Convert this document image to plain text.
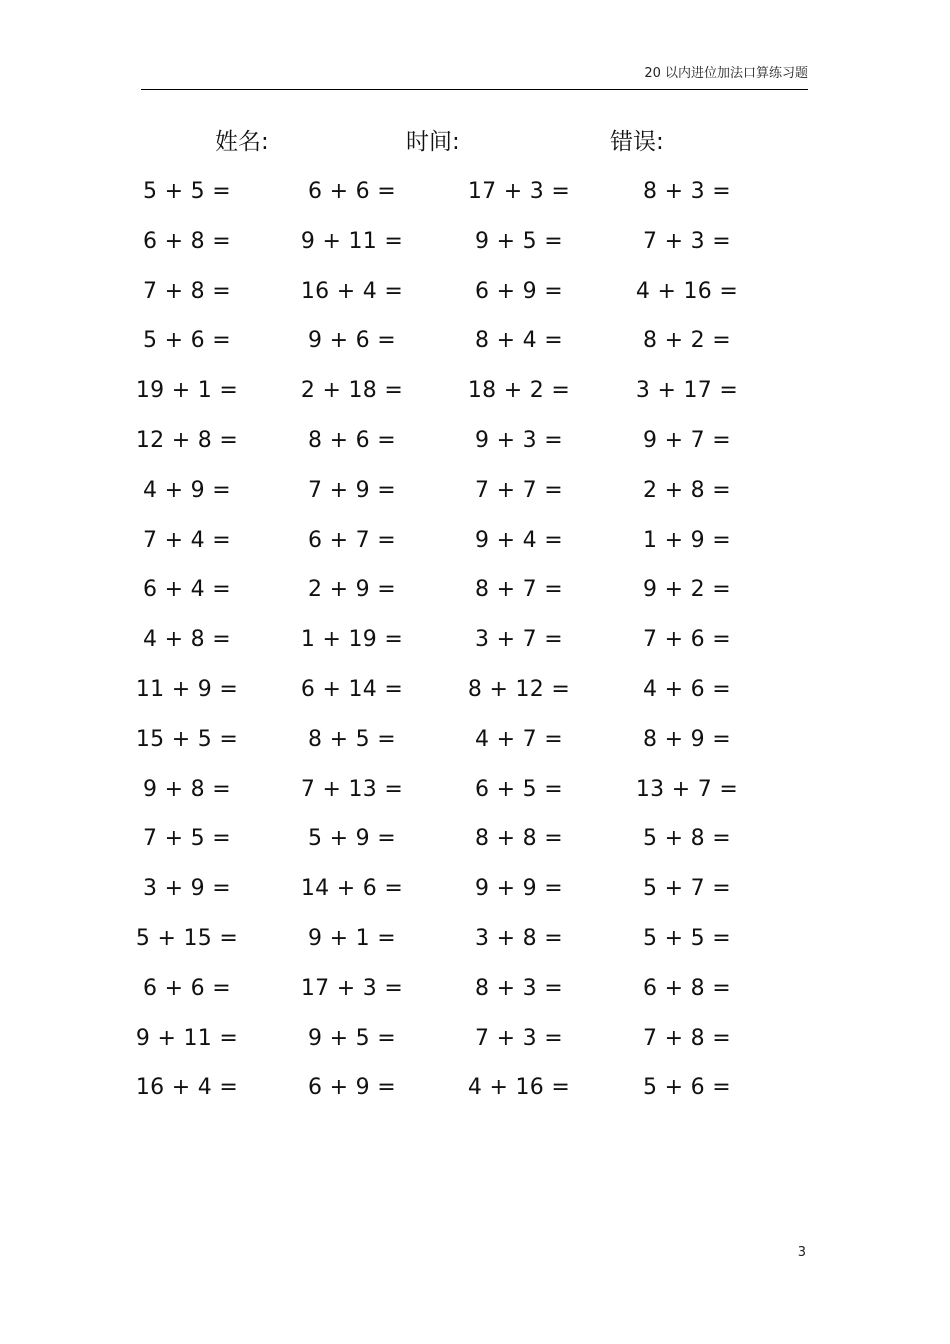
20 以内进位加法口算练习题
姓名:	时间:	错误:
5 + 5 =	6 + 6 =	17 + 3 =	8 + 3 =
6 + 8 =	9 + 11 =	9 + 5 =	7 + 3 =
7 + 8 =	16 + 4 =	6 + 9 =	4 + 16 =
5 + 6 =	9 + 6 =	8 + 4 =	8 + 2 =
19 + 1 =	2 + 18 =	18 + 2 =	3 + 17 =
12 + 8 =	8 + 6 =	9 + 3 =	9 + 7 =
4 + 9 =	7 + 9 =	7 + 7 =	2 + 8 =
7 + 4 =	6 + 7 =	9 + 4 =	1 + 9 =
6 + 4 =	2 + 9 =	8 + 7 =	9 + 2 =
4 + 8 =	1 + 19 =	3 + 7 =	7 + 6 =
11 + 9 =	6 + 14 =	8 + 12 =	4 + 6 =
15 + 5 =	8 + 5 =	4 + 7 =	8 + 9 =
9 + 8 =	7 + 13 =	6 + 5 =	13 + 7 =
7 + 5 =	5 + 9 =	8 + 8 =	5 + 8 =
3 + 9 =	14 + 6 =	9 + 9 =	5 + 7 =
5 + 15 =	9 + 1 =	3 + 8 =	5 + 5 =
6 + 6 =	17 + 3 =	8 + 3 =	6 + 8 =
9 + 11 =	9 + 5 =	7 + 3 =	7 + 8 =
16 + 4 =	6 + 9 =	4 + 16 =	5 + 6 =
3
